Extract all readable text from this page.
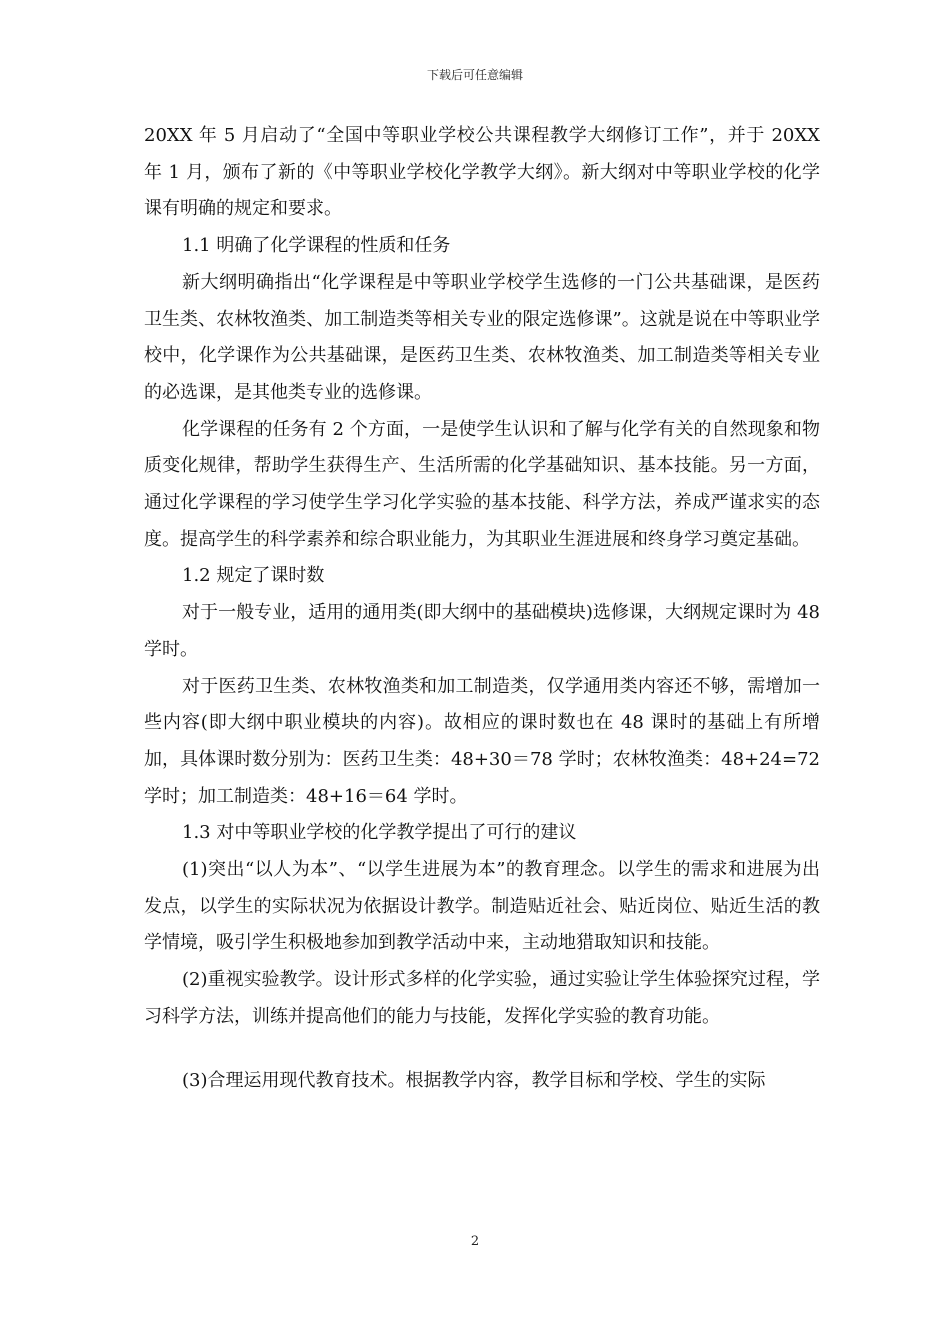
下载后可任意编辑

20XX 年 5 月启动了“全国中等职业学校公共课程教学大纲修订工作”，并于 20XX 年 1 月，颁布了新的《中等职业学校化学教学大纲》。新大纲对中等职业学校的化学课有明确的规定和要求。

1.1 明确了化学课程的性质和任务

新大纲明确指出“化学课程是中等职业学校学生选修的一门公共基础课，是医药卫生类、农林牧渔类、加工制造类等相关专业的限定选修课”。这就是说在中等职业学校中，化学课作为公共基础课，是医药卫生类、农林牧渔类、加工制造类等相关专业的必选课，是其他类专业的选修课。

化学课程的任务有 2 个方面，一是使学生认识和了解与化学有关的自然现象和物质变化规律，帮助学生获得生产、生活所需的化学基础知识、基本技能。另一方面，通过化学课程的学习使学生学习化学实验的基本技能、科学方法，养成严谨求实的态度。提高学生的科学素养和综合职业能力，为其职业生涯进展和终身学习奠定基础。

1.2 规定了课时数

对于一般专业，适用的通用类(即大纲中的基础模块)选修课，大纲规定课时为 48 学时。

对于医药卫生类、农林牧渔类和加工制造类，仅学通用类内容还不够，需增加一些内容(即大纲中职业模块的内容)。故相应的课时数也在 48 课时的基础上有所增加，具体课时数分别为：医药卫生类：48+30＝78 学时；农林牧渔类：48+24=72 学时；加工制造类：48+16＝64 学时。

1.3 对中等职业学校的化学教学提出了可行的建议

(1)突出“以人为本”、“以学生进展为本”的教育理念。以学生的需求和进展为出发点，以学生的实际状况为依据设计教学。制造贴近社会、贴近岗位、贴近生活的教学情境，吸引学生积极地参加到教学活动中来，主动地猎取知识和技能。

(2)重视实验教学。设计形式多样的化学实验，通过实验让学生体验探究过程，学习科学方法，训练并提高他们的能力与技能，发挥化学实验的教育功能。

(3)合理运用现代教育技术。根据教学内容，教学目标和学校、学生的实际

2
